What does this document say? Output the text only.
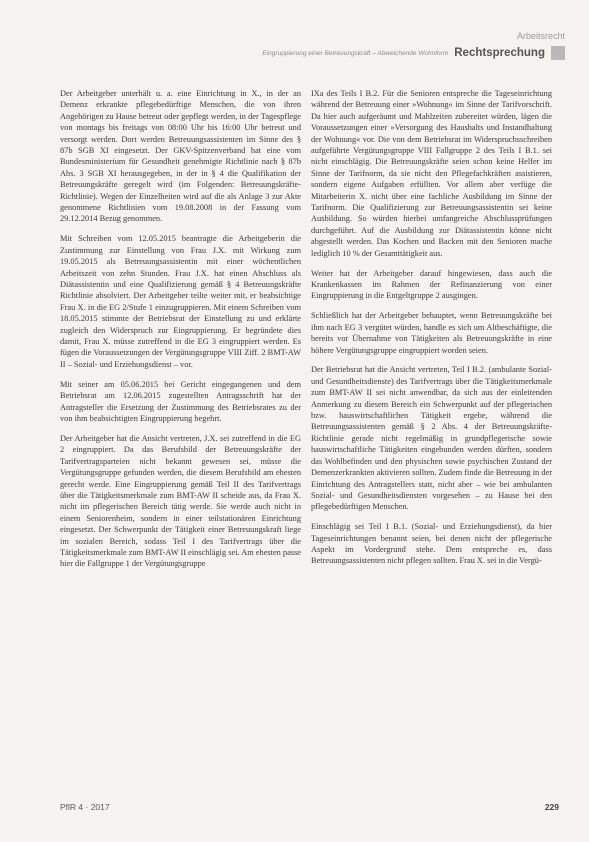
Arbeitsrecht
Eingruppierung einer Betreuungskraft – Abweichende Wohnform Rechtsprechung

Der Arbeitgeber unterhält u. a. eine Einrichtung in X., in der an Demenz erkrankte pflegebedürftige Menschen, die von ihren Angehörigen zu Hause betreut oder gepflegt werden, in der Tagespflege von montags bis freitags von 08:00 Uhr bis 16:00 Uhr betreut und versorgt werden. Dort werden Betreuungsassistenten im Sinne des § 87b SGB XI eingesetzt. Der GKV-Spitzenverband hat eine vom Bundesministerium für Gesundheit genehmigte Richtlinie nach § 87b Abs. 3 SGB XI herausgegeben, in der in § 4 die Qualifikation der Betreuungskräfte geregelt wird (im Folgenden: Betreuungskräfte-Richtlinie). Wegen der Einzelheiten wird auf die als Anlage 3 zur Akte genommene Richtlinien vom 19.08.2008 in der Fassung vom 29.12.2014 Bezug genommen.

Mit Schreiben vom 12.05.2015 beantragte die Arbeitgeberin die Zustimmung zur Einstellung von Frau J.X. mit Wirkung zum 19.05.2015 als Betreuungsassistentin mit einer wöchentlichen Arbeitszeit von zehn Stunden. Frau J.X. hat einen Abschluss als Diätassistentin und eine Qualifizierung gemäß § 4 Betreuungskräfte Richtlinie absolviert. Der Arbeitgeber teilte weiter mit, er beabsichtige Frau X. in die EG 2/Stufe 1 einzugruppieren. Mit einem Schreiben vom 18.05.2015 stimmte der Betriebsrat der Einstellung zu und erklärte zugleich den Widerspruch zur Eingruppierung. Er begründete dies damit, Frau X. müsse zutreffend in die EG 3 eingruppiert werden. Es fügen die Voraussetzungen der Vergütungsgruppe VIII Ziff. 2 BMT-AW II – Sozial- und Erziehungsdienst – vor.

Mit seiner am 05.06.2015 bei Gericht eingegangenen und dem Betriebsrat am 12.06.2015 zugestellten Antragsschrift hat der Antragsteller die Ersetzung der Zustimmung des Betriebsrates zu der von ihm beabsichtigten Eingruppierung begehrt.

Der Arbeitgeber hat die Ansicht vertreten, J.X. sei zutreffend in die EG 2 eingruppiert. Da das Berufsbild der Betreuungskräfte der Tarifvertragsparteien nicht bekannt gewesen sei, müsse die Vergütungsgruppe gefunden werden, die diesem Berufsbild am ehesten gerecht werde. Eine Eingruppierung gemäß Teil II des Tarifvertrags über die Tätigkeitsmerkmale zum BMT-AW II scheide aus, da Frau X. nicht im pflegerischen Bereich tätig werde. Sie werde auch nicht in einem Seniorenheim, sondern in einer teilstationären Einrichtung eingesetzt. Der Schwerpunkt der Tätigkeit einer Betreuungskraft liege im sozialen Bereich, sodass Teil I des Tarifvertrags über die Tätigkeitsmerkmale zum BMT-AW II einschlägig sei. Am ehesten passe hier die Fallgruppe 1 der Vergütungsgruppe

IXa des Teils I B.2. Für die Senioren entspreche die Tageseinrichtung während der Betreuung einer »Wohnung« im Sinne der Tarifvorschrift. Da hier auch aufgeräumt und Mahlzeiten zubereitet würden, lägen die Voraussetzungen einer »Versorgung des Haushalts und Instandhaltung der Wohnung« vor. Die von dem Betriebsrat im Widerspruchsschreiben aufgeführte Vergütungsgruppe VIII Fallgruppe 2 des Teils I B.1. sei nicht einschlägig. Die Betreuungskräfte seien schon keine Helfer im Sinne der Tarifnorm, da sie nicht den Pflegefachkräften assistieren, sondern eigene Aufgaben erfüllten. Vor allem aber verfüge die Mitarbeiterin X. nicht über eine fachliche Ausbildung im Sinne der Tarifnorm. Die Qualifizierung zur Betreuungsassistentin sei keine Ausbildung. So würden hierbei umfangreiche Abschlussprüfungen durchgeführt. Auf die Ausbildung zur Diätassistentin könne nicht abgestellt werden. Das Kochen und Backen mit den Senioren mache lediglich 10 % der Gesamttätigkeit aus.

Weiter hat der Arbeitgeber darauf hingewiesen, dass auch die Krankenkassen im Rahmen der Refinanzierung von einer Eingruppierung in die Entgeltgruppe 2 ausgingen.

Schließlich hat der Arbeitgeber behauptet, wenn Betreuungskräfte bei ihm nach EG 3 vergütet würden, handle es sich um Altbeschäftigte, die bereits vor Übernahme von Tätigkeiten als Betreuungskräfte in eine höhere Vergütungsgruppe eingruppiert worden seien.

Der Betriebsrat hat die Ansicht vertreten, Teil I B.2. (ambulante Sozial- und Gesundheitsdienste) des Tarifvertrags über die Tätigkeitsmerkmale zum BMT-AW II sei nicht anwendbar, da sich aus der einleitenden Anmerkung zu diesem Bereich ein Schwerpunkt auf der pflegerischen bzw. hauswirtschaftlichen Tätigkeit ergebe, während die Betreuungsassistenten gemäß § 2 Abs. 4 der Betreuungskräfte-Richtlinie gerade nicht regelmäßig in grundpflegerische sowie hauswirtschaftliche Tätigkeiten eingebunden werden dürften, sondern das Wohlbefinden und den physischen sowie psychischen Zustand der Demenzerkrankten aktivieren sollten. Zudem finde die Betreuung in der Einrichtung des Antragstellers statt, nicht aber – wie bei ambulanten Sozial- und Gesundheitsdiensten vorgesehen – zu Hause bei den pflegebedürftigen Menschen.

Einschlägig sei Teil I B.1. (Sozial- und Erziehungsdienst), da hier Tageseinrichtungen benannt seien, bei denen nicht der pflegerische Aspekt im Vordergrund stehe. Dem entspreche es, dass Betreuungsassistenten nicht pflegen sollten. Frau X. sei in die Vergü-

PflR 4 · 2017	229
